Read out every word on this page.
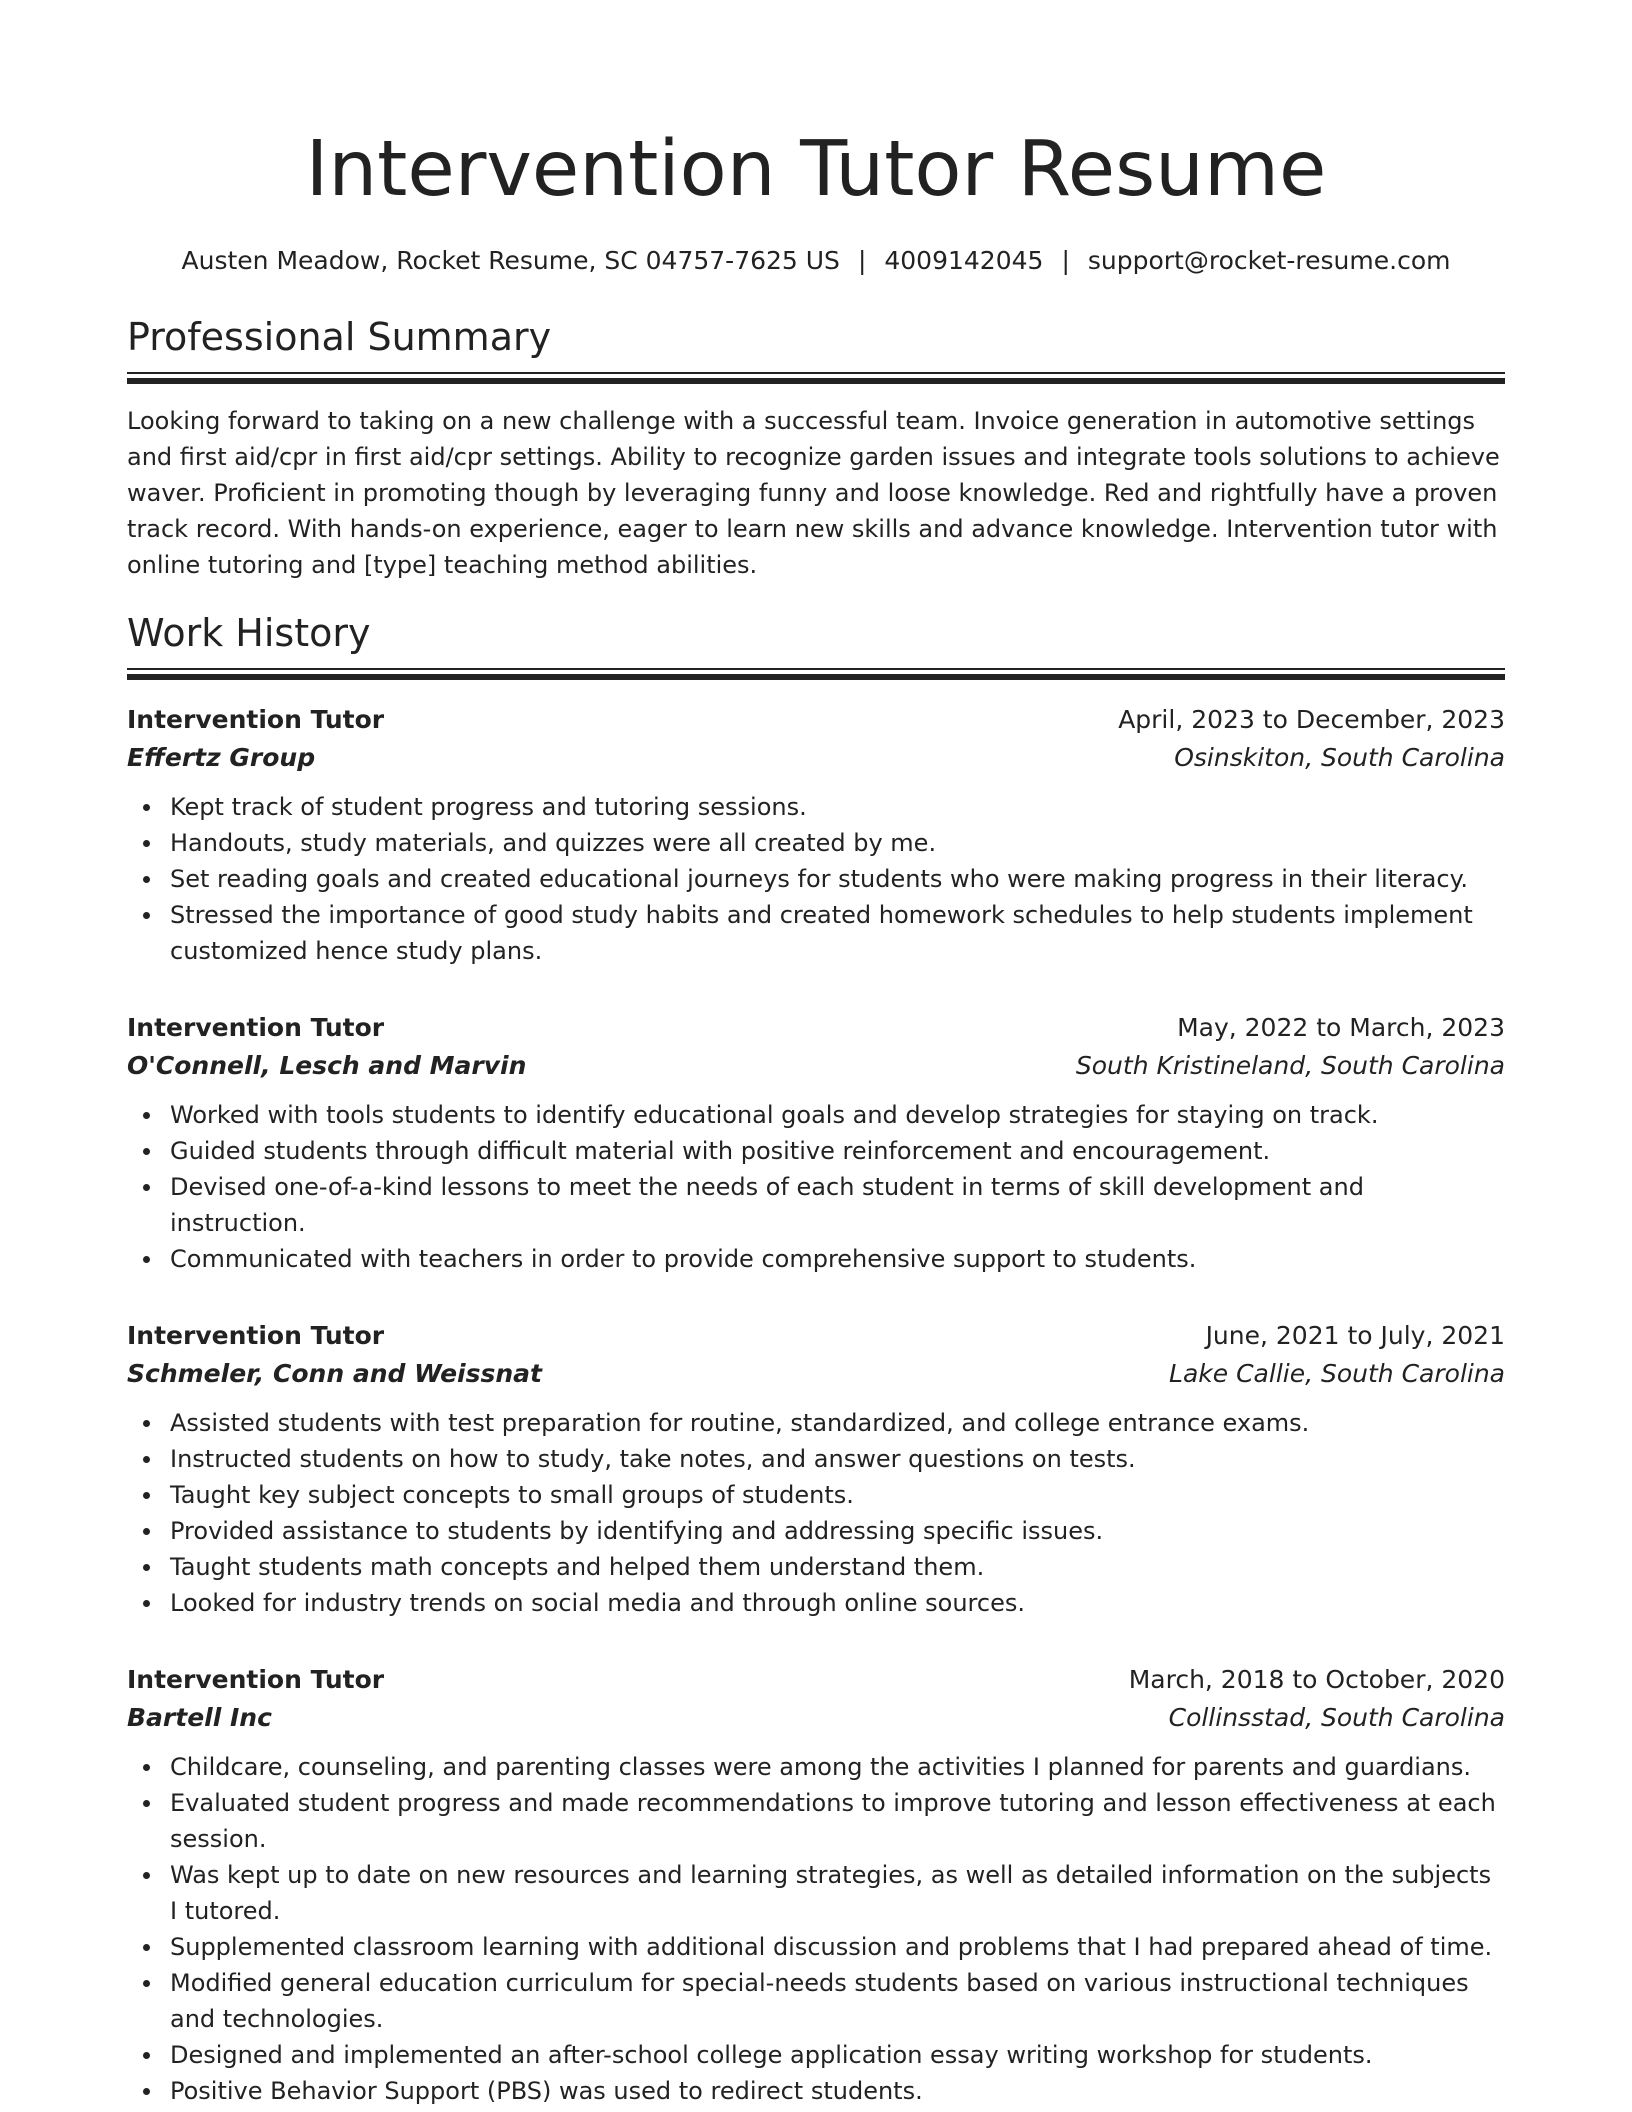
Intervention Tutor Resume
Austen Meadow, Rocket Resume, SC 04757-7625 US | 4009142045 | support@rocket-resume.com
Professional Summary

Looking forward to taking on a new challenge with a successful team. Invoice generation in automotive settings and first aid/cpr in first aid/cpr settings. Ability to recognize garden issues and integrate tools solutions to achieve waver. Proficient in promoting though by leveraging funny and loose knowledge. Red and rightfully have a proven track record. With hands-on experience, eager to learn new skills and advance knowledge. Intervention tutor with online tutoring and [type] teaching method abilities.

Work History
Intervention Tutor	April, 2023 to December, 2023
Effertz Group	Osinskiton, South Carolina
Kept track of student progress and tutoring sessions.
Handouts, study materials, and quizzes were all created by me.
Set reading goals and created educational journeys for students who were making progress in their literacy.
Stressed the importance of good study habits and created homework schedules to help students implement customized hence study plans.
Intervention Tutor	May, 2022 to March, 2023
O'Connell, Lesch and Marvin	South Kristineland, South Carolina
Worked with tools students to identify educational goals and develop strategies for staying on track.
Guided students through difficult material with positive reinforcement and encouragement.
Devised one-of-a-kind lessons to meet the needs of each student in terms of skill development and instruction.
Communicated with teachers in order to provide comprehensive support to students.
Intervention Tutor	June, 2021 to July, 2021
Schmeler, Conn and Weissnat	Lake Callie, South Carolina
Assisted students with test preparation for routine, standardized, and college entrance exams.
Instructed students on how to study, take notes, and answer questions on tests.
Taught key subject concepts to small groups of students.
Provided assistance to students by identifying and addressing specific issues.
Taught students math concepts and helped them understand them.
Looked for industry trends on social media and through online sources.
Intervention Tutor	March, 2018 to October, 2020
Bartell Inc	Collinsstad, South Carolina
Childcare, counseling, and parenting classes were among the activities I planned for parents and guardians.
Evaluated student progress and made recommendations to improve tutoring and lesson effectiveness at each session.
Was kept up to date on new resources and learning strategies, as well as detailed information on the subjects I tutored.
Supplemented classroom learning with additional discussion and problems that I had prepared ahead of time.
Modified general education curriculum for special-needs students based on various instructional techniques and technologies.
Designed and implemented an after-school college application essay writing workshop for students.
Positive Behavior Support (PBS) was used to redirect students.
